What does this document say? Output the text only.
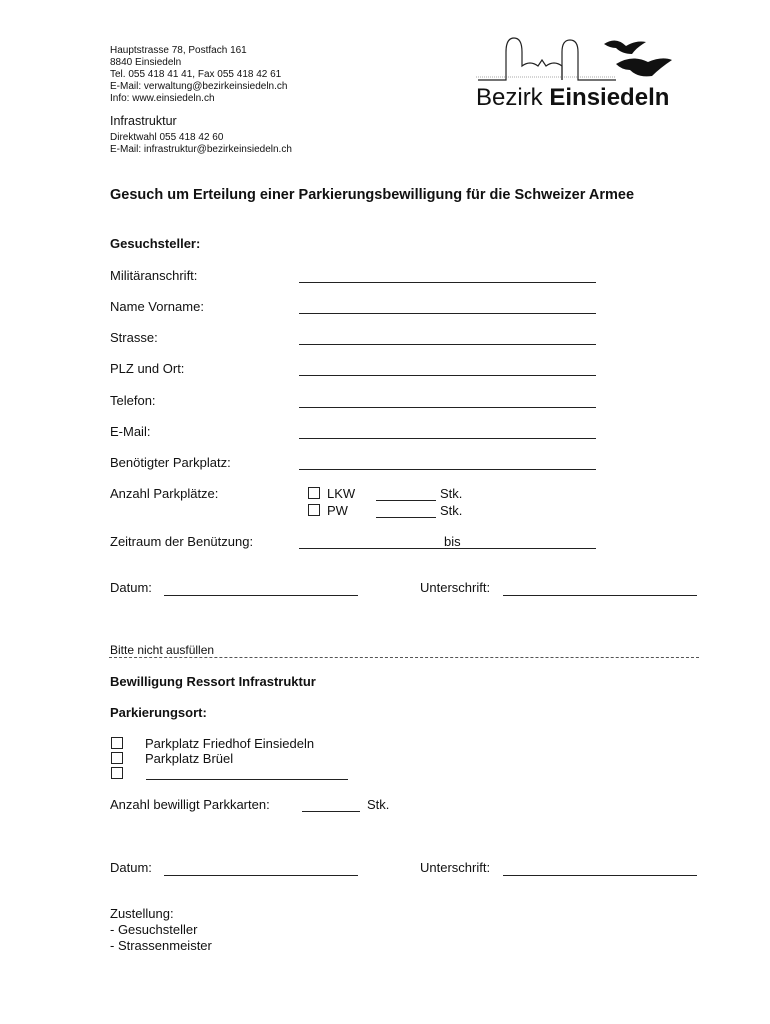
Hauptstrasse 78, Postfach 161
8840 Einsiedeln
Tel. 055 418 41 41, Fax 055 418 42 61
E-Mail: verwaltung@bezirkeinsiedeln.ch
Info: www.einsiedeln.ch
Infrastruktur
Direktwahl 055 418 42 60
E-Mail: infrastruktur@bezirkeinsiedeln.ch
Bezirk Einsiedeln
Gesuch um Erteilung einer Parkierungsbewilligung für die Schweizer Armee
Gesuchsteller:
Militäranschrift:
Name Vorname:
Strasse:
PLZ und Ort:
Telefon:
E-Mail:
Benötigter Parkplatz:
Anzahl Parkplätze:	LKW	Stk.
PW	Stk.
Zeitraum der Benützung:	bis
Datum:	Unterschrift:
Bitte nicht ausfüllen
Bewilligung Ressort Infrastruktur
Parkierungsort:
Parkplatz Friedhof Einsiedeln
Parkplatz Brüel
Anzahl bewilligt Parkkarten:	Stk.
Datum:	Unterschrift:
Zustellung:
- Gesuchsteller
- Strassenmeister
